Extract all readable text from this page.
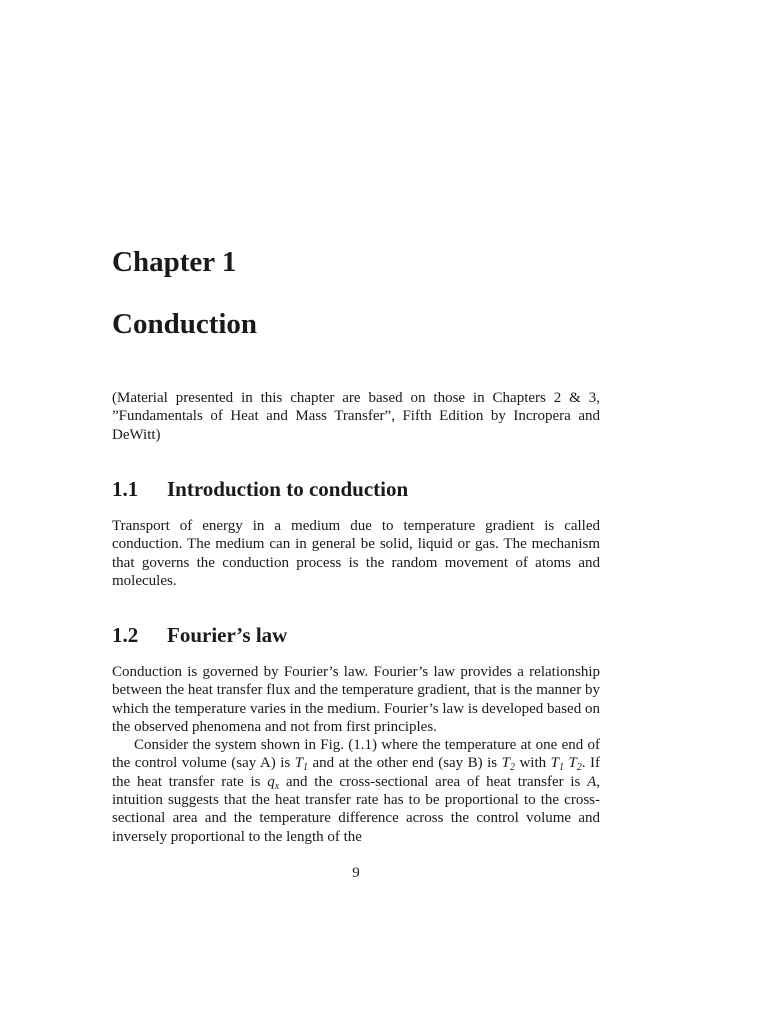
Chapter 1
Conduction

(Material presented in this chapter are based on those in Chapters 2 & 3, ”Fundamentals of Heat and Mass Transfer”, Fifth Edition by Incropera and DeWitt)

1.1 Introduction to conduction

Transport of energy in a medium due to temperature gradient is called conduction. The medium can in general be solid, liquid or gas. The mechanism that governs the conduction process is the random movement of atoms and molecules.

1.2 Fourier’s law

Conduction is governed by Fourier’s law. Fourier’s law provides a relationship between the heat transfer flux and the temperature gradient, that is the manner by which the temperature varies in the medium. Fourier’s law is developed based on the observed phenomena and not from first principles.

Consider the system shown in Fig. (1.1) where the temperature at one end of the control volume (say A) is $T_1$ and at the other end (say B) is $T_2$ with $T_1$ $T_2$. If the heat transfer rate is $q_x$ and the cross-sectional area of heat transfer is A, intuition suggests that the heat transfer rate has to be proportional to the cross-sectional area and the temperature difference across the control volume and inversely proportional to the length of the

9
